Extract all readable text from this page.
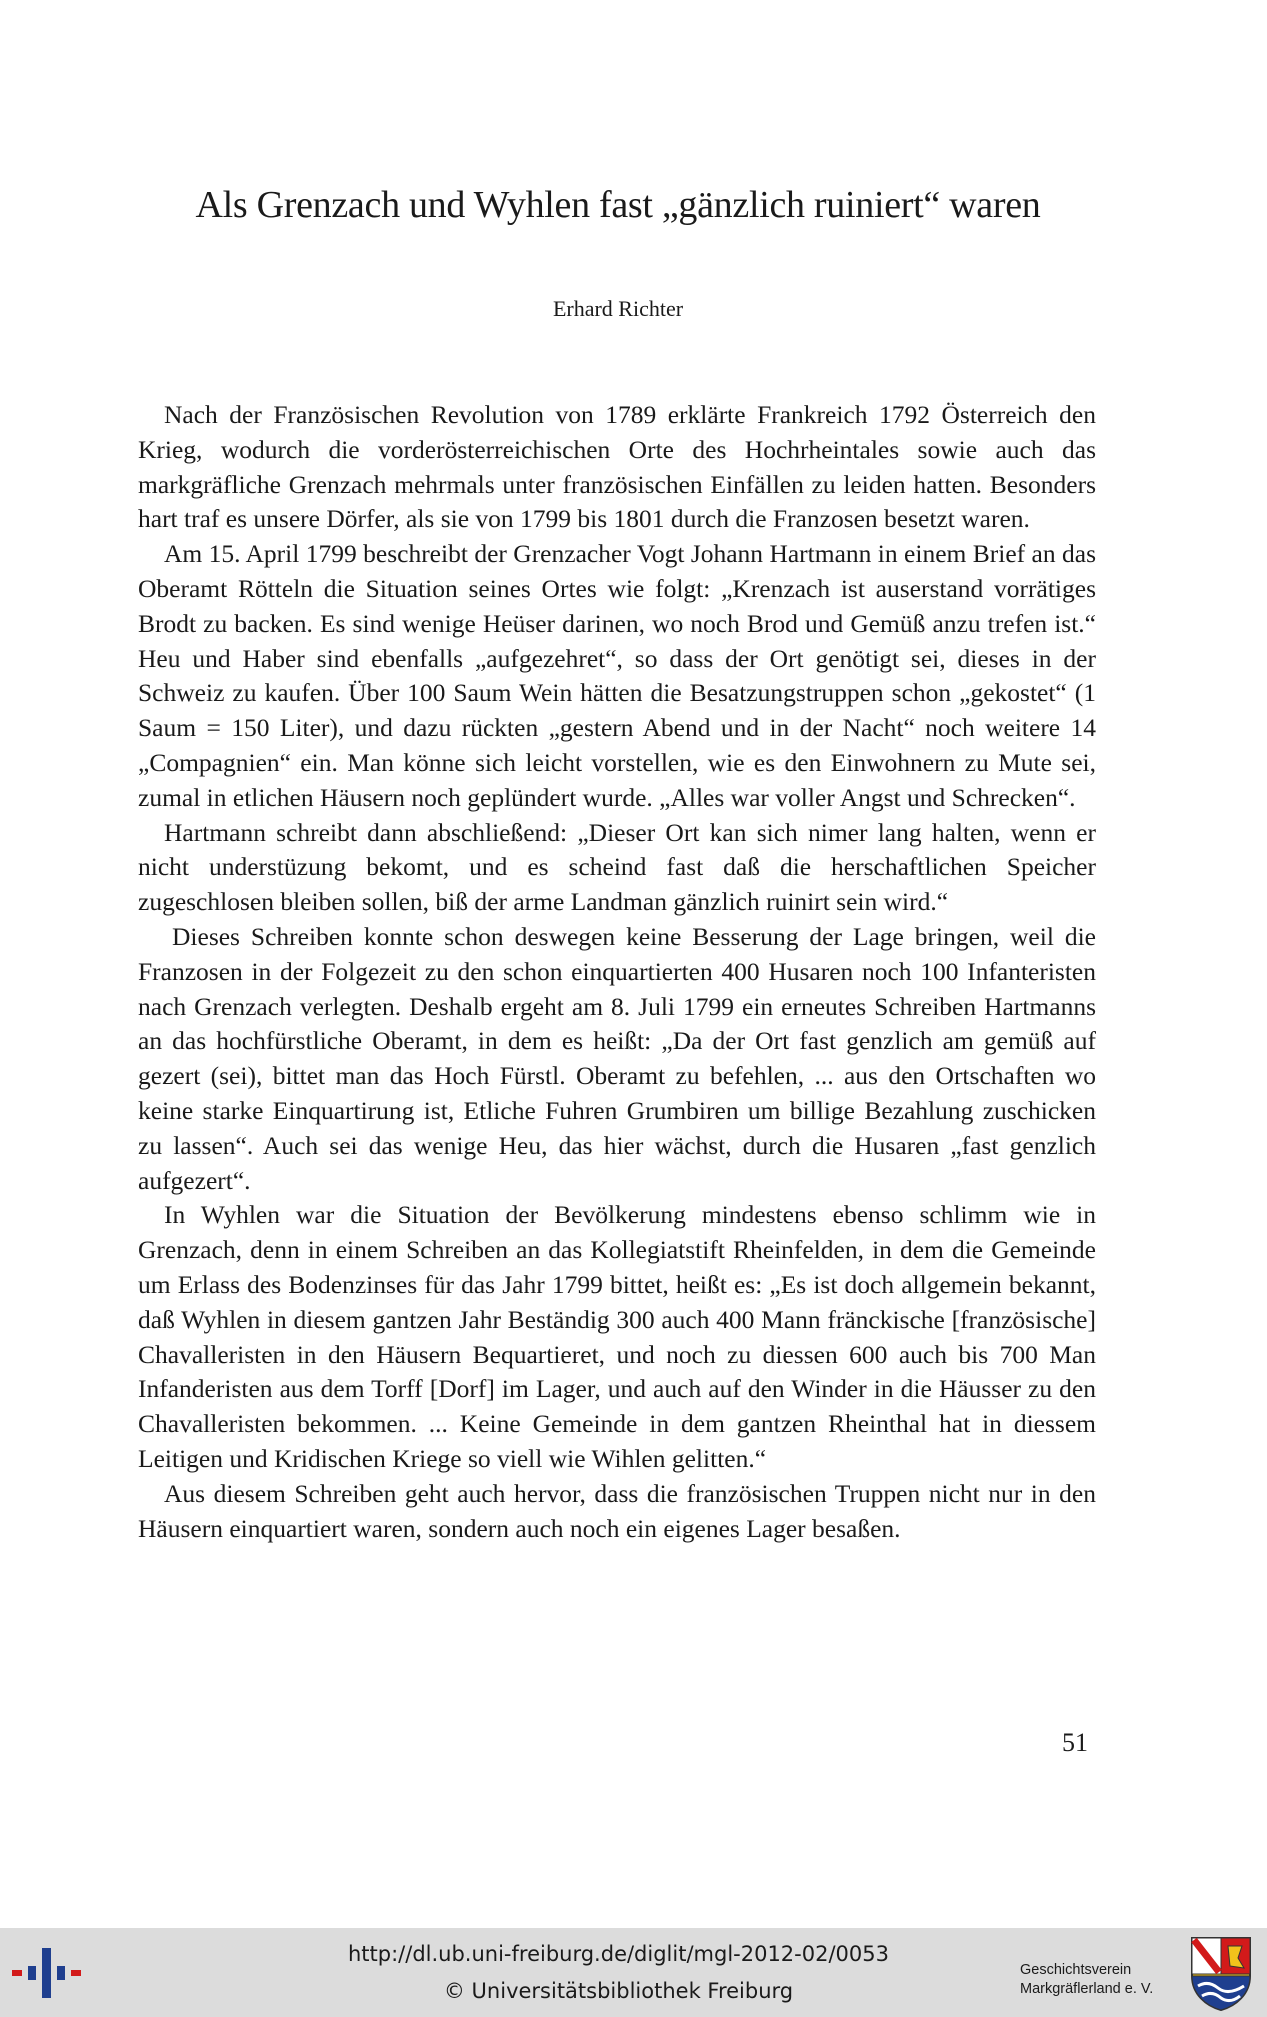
Als Grenzach und Wyhlen fast „gänzlich ruiniert“ waren
Erhard Richter

Nach der Französischen Revolution von 1789 erklärte Frankreich 1792 Österreich den Krieg, wodurch die vorderösterreichischen Orte des Hochrheintales sowie auch das markgräfliche Grenzach mehrmals unter französischen Einfällen zu leiden hatten. Besonders hart traf es unsere Dörfer, als sie von 1799 bis 1801 durch die Franzosen besetzt waren.

Am 15. April 1799 beschreibt der Grenzacher Vogt Johann Hartmann in einem Brief an das Oberamt Rötteln die Situation seines Ortes wie folgt: „Krenzach ist auserstand vorrätiges Brodt zu backen. Es sind wenige Heüser darinen, wo noch Brod und Gemüß anzu trefen ist.“ Heu und Haber sind ebenfalls „aufgezehret“, so dass der Ort genötigt sei, dieses in der Schweiz zu kaufen. Über 100 Saum Wein hätten die Besatzungstruppen schon „gekostet“ (1 Saum = 150 Liter), und dazu rückten „gestern Abend und in der Nacht“ noch weitere 14 „Compagnien“ ein. Man könne sich leicht vorstellen, wie es den Einwohnern zu Mute sei, zumal in etlichen Häusern noch geplündert wurde. „Alles war voller Angst und Schrecken“.

Hartmann schreibt dann abschließend: „Dieser Ort kan sich nimer lang halten, wenn er nicht understüzung bekomt, und es scheind fast daß die herschaftlichen Speicher zugeschlosen bleiben sollen, biß der arme Landman gänzlich ruinirt sein wird.“

Dieses Schreiben konnte schon deswegen keine Besserung der Lage bringen, weil die Franzosen in der Folgezeit zu den schon einquartierten 400 Husaren noch 100 Infanteristen nach Grenzach verlegten. Deshalb ergeht am 8. Juli 1799 ein erneutes Schreiben Hartmanns an das hochfürstliche Oberamt, in dem es heißt: „Da der Ort fast genzlich am gemüß auf gezert (sei), bittet man das Hoch Fürstl. Oberamt zu befehlen, ... aus den Ortschaften wo keine starke Einquartirung ist, Etliche Fuhren Grumbiren um billige Bezahlung zuschicken zu lassen“. Auch sei das wenige Heu, das hier wächst, durch die Husaren „fast genzlich aufgezert“.

In Wyhlen war die Situation der Bevölkerung mindestens ebenso schlimm wie in Grenzach, denn in einem Schreiben an das Kollegiatstift Rheinfelden, in dem die Gemeinde um Erlass des Bodenzinses für das Jahr 1799 bittet, heißt es: „Es ist doch allgemein bekannt, daß Wyhlen in diesem gantzen Jahr Beständig 300 auch 400 Mann fränckische [französische] Chavalleristen in den Häusern Bequartieret, und noch zu diessen 600 auch bis 700 Man Infanderisten aus dem Torff [Dorf] im Lager, und auch auf den Winder in die Häusser zu den Chavalleristen bekommen. ... Keine Gemeinde in dem gantzen Rheinthal hat in diessem Leitigen und Kridischen Kriege so viell wie Wihlen gelitten.“

Aus diesem Schreiben geht auch hervor, dass die französischen Truppen nicht nur in den Häusern einquartiert waren, sondern auch noch ein eigenes Lager besaßen.

51
http://dl.ub.uni-freiburg.de/diglit/mgl-2012-02/0053
© Universitätsbibliothek Freiburg
Geschichtsverein
Markgräflerland e. V.
